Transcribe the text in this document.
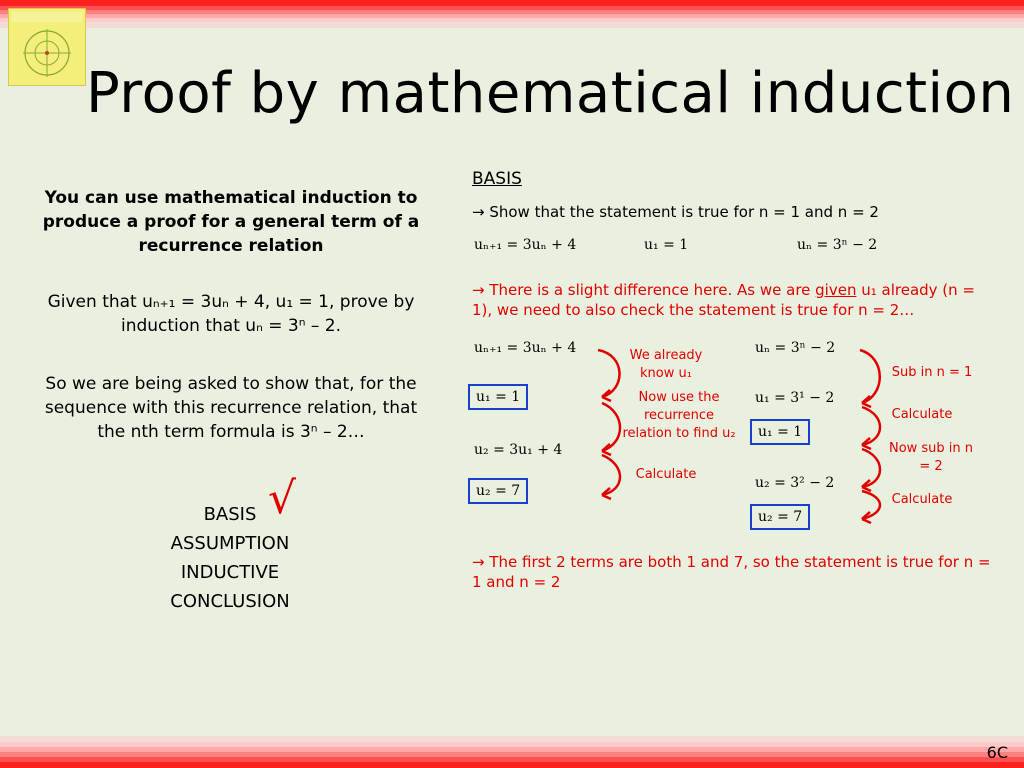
Proof by mathematical induction
You can use mathematical induction to produce a proof for a general term of a recurrence relation
Given that uₙ₊₁ = 3uₙ + 4, u₁ = 1, prove by induction that uₙ = 3ⁿ – 2.
So we are being asked to show that, for the sequence with this recurrence relation, that the nth term formula is 3ⁿ – 2…
BASIS
ASSUMPTION
INDUCTIVE
CONCLUSION
√
BASIS
→ Show that the statement is true for n = 1 and n = 2
uₙ₊₁ = 3uₙ + 4	u₁ = 1	uₙ = 3ⁿ − 2
→ There is a slight difference here. As we are given u₁ already (n = 1), we need to also check the statement is true for n = 2…
uₙ₊₁ = 3uₙ + 4
u₁ = 1
u₂ = 3u₁ + 4
u₂ = 7
uₙ = 3ⁿ − 2
u₁ = 3¹ − 2
u₁ = 1
u₂ = 3² − 2
u₂ = 7
We already know u₁
Now use the recurrence relation to find u₂
Calculate
Sub in n = 1
Calculate
Now sub in n = 2
Calculate
→ The first 2 terms are both 1 and 7, so the statement is true for n = 1 and n = 2
6C
